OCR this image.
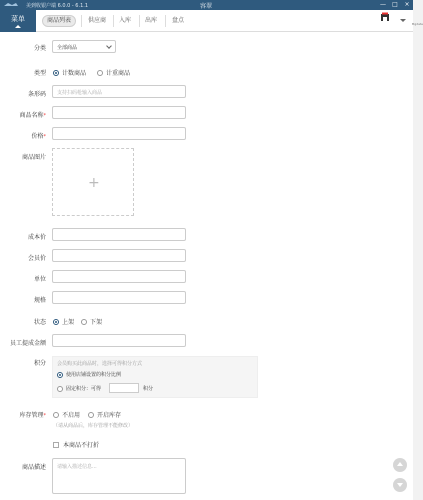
美到收银户端 6.0.0 - 6.1.1	容翠	— □ ×
菜单	商品列表	供应商	入库	出库	盘点	Mgdate
分类	全部商品
类型	计数商品	计重商品
条形码	支持扫码枪输入商品
商品名称*
价格*
商品图片
+
成本价
会员价
单位
规格
状态	上架	下架
员工提成金额
积分 会员购买此商品时，选择可得积分方式
使用店铺设置的积分比例
固定积分：可得	积分
库存管理*	不启用	开启库存
（请从商品后，库存管理不能修改）
本商品不打折
商品描述	请输入描述信息...
